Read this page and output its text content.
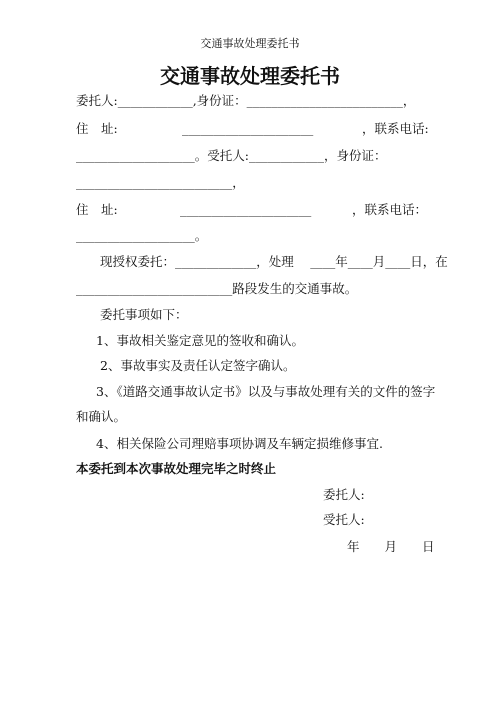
交通事故处理委托书
交通事故处理委托书
委托人:____________,身份证：_________________________，
住　址:	_____________________	，联系电话:
___________________。受托人:____________，身份证：
_________________________，
住　址:	_____________________	，联系电话：
___________________。
现授权委托：_____________，处理　 ____年____月____日，在
_________________________路段发生的交通事故。
委托事项如下：
1、事故相关鉴定意见的签收和确认。
2、事故事实及责任认定签字确认。
3、《道路交通事故认定书》以及与事故处理有关的文件的签字
和确认。
4、相关保险公司理赔事项协调及车辆定损维修事宜.
本委托到本次事故处理完毕之时终止
委托人:
受托人:
年　　月　　日
